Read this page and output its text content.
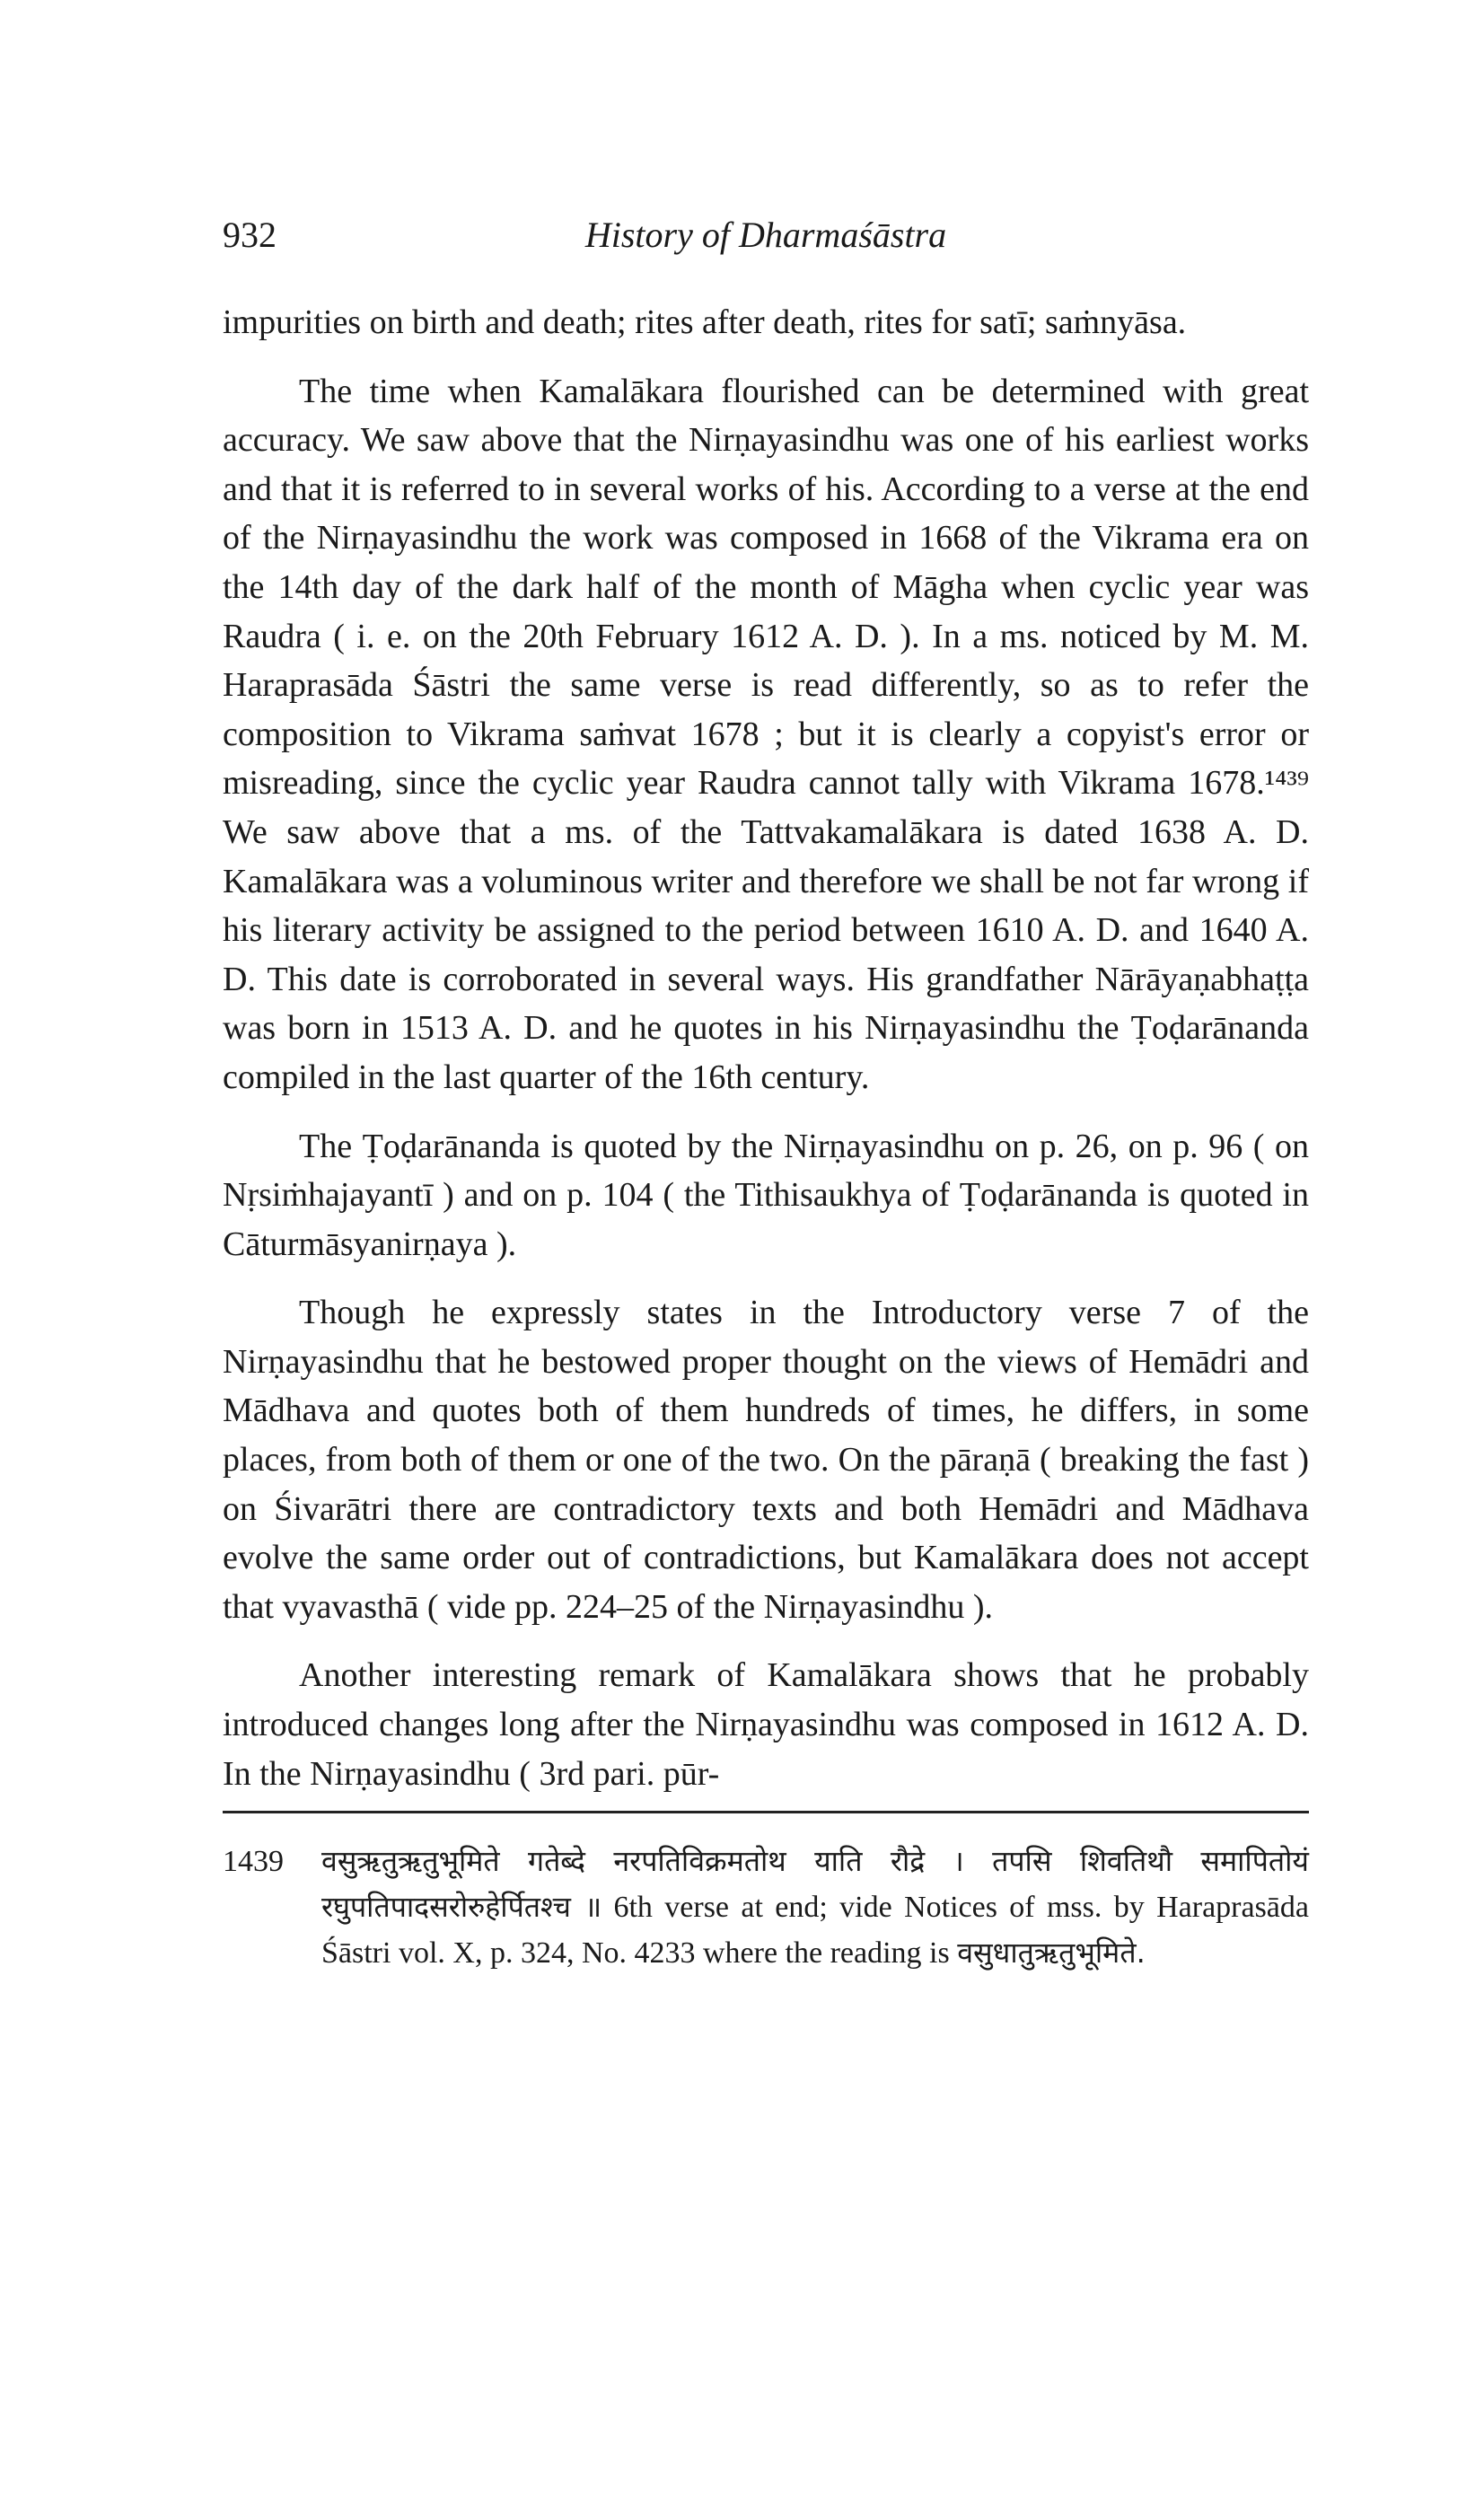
932	History of Dharmaśāstra

impurities on birth and death; rites after death, rites for satī; saṁnyāsa.

The time when Kamalākara flourished can be determined with great accuracy. We saw above that the Nirṇayasindhu was one of his earliest works and that it is referred to in several works of his. According to a verse at the end of the Nirṇayasindhu the work was composed in 1668 of the Vikrama era on the 14th day of the dark half of the month of Māgha when cyclic year was Raudra ( i. e. on the 20th February 1612 A. D. ). In a ms. noticed by M. M. Haraprasāda Śāstri the same verse is read differently, so as to refer the composition to Vikrama saṁvat 1678 ; but it is clearly a copyist's error or misreading, since the cyclic year Raudra cannot tally with Vikrama 1678.¹⁴³⁹ We saw above that a ms. of the Tattvakamalākara is dated 1638 A. D. Kamalākara was a voluminous writer and therefore we shall be not far wrong if his literary activity be assigned to the period between 1610 A. D. and 1640 A. D. This date is corroborated in several ways. His grandfather Nārāyaṇabhaṭṭa was born in 1513 A. D. and he quotes in his Nirṇayasindhu the Ṭoḍarānanda compiled in the last quarter of the 16th century.

The Ṭoḍarānanda is quoted by the Nirṇayasindhu on p. 26, on p. 96 ( on Nṛsiṁhajayantī ) and on p. 104 ( the Tithisaukhya of Ṭoḍarānanda is quoted in Cāturmāsyanirṇaya ).

Though he expressly states in the Introductory verse 7 of the Nirṇayasindhu that he bestowed proper thought on the views of Hemādri and Mādhava and quotes both of them hundreds of times, he differs, in some places, from both of them or one of the two. On the pāraṇā ( breaking the fast ) on Śivarātri there are contradictory texts and both Hemādri and Mādhava evolve the same order out of contradictions, but Kamalākara does not accept that vyavasthā ( vide pp. 224–25 of the Nirṇayasindhu ).

Another interesting remark of Kamalākara shows that he probably introduced changes long after the Nirṇayasindhu was composed in 1612 A. D. In the Nirṇayasindhu ( 3rd pari. pūr-

1439 वसुऋतुऋतुभूमिते गतेब्दे नरपतिविक्रमतोथ याति रौद्रे । तपसि शिवतिथौ समापितोयं रघुपतिपादसरोरुहेर्पितश्च ॥ 6th verse at end; vide Notices of mss. by Haraprasāda Śāstri vol. X, p. 324, No. 4233 where the reading is वसुधातुऋतुभूमिते.
